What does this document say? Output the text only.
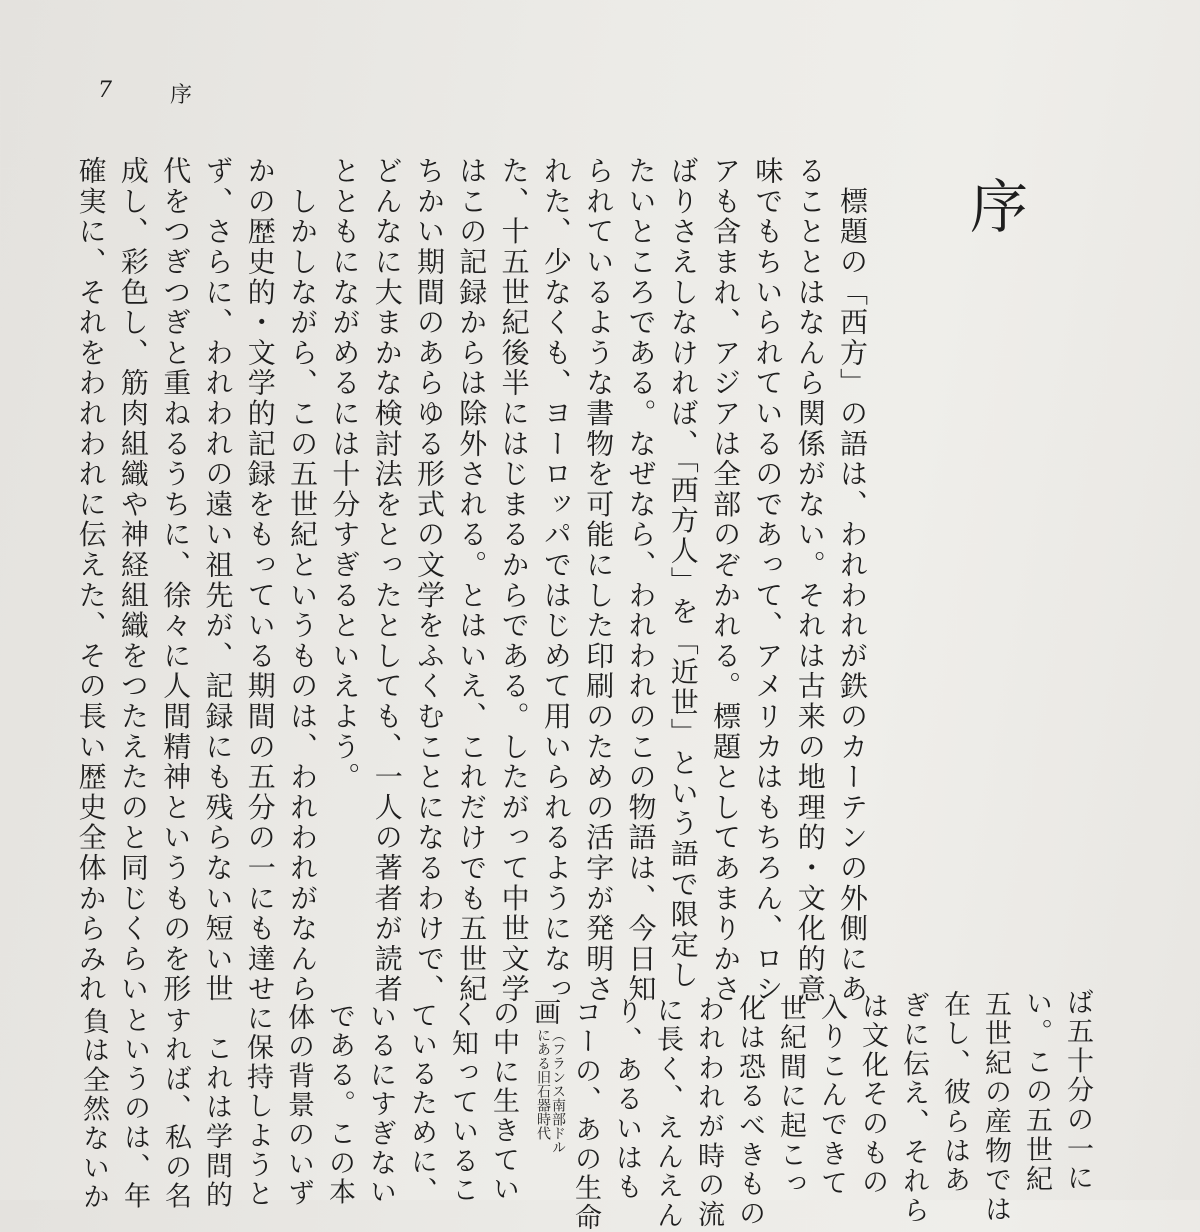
7	序
序
　標題の「西方」の語は、われわれが鉄のカーテンの外側にあ
ることとはなんら関係がない。それは古来の地理的・文化的意
味でもちいられているのであって、アメリカはもちろん、ロシ
アも含まれ、アジアは全部のぞかれる。標題としてあまりかさ
ばりさえしなければ、「西方人」を「近世」という語で限定し
たいところである。なぜなら、われわれのこの物語は、今日知
られているような書物を可能にした印刷のための活字が発明さ
れた、少なくも、ヨーロッパではじめて用いられるようになっ
た、十五世紀後半にはじまるからである。したがって中世文学
はこの記録からは除外される。とはいえ、これだけでも五世紀
ちかい期間のあらゆる形式の文学をふくむことになるわけで、
どんなに大まかな検討法をとったとしても、一人の著者が読者
とともにながめるには十分すぎるといえよう。
　しかしながら、この五世紀というものは、われわれがなんら
かの歴史的・文学的記録をもっている期間の五分の一にも達せ
ず、さらに、われわれの遠い祖先が、記録にも残らない短い世
代をつぎつぎと重ねるうちに、徐々に人間精神というものを形
成し、彩色し、筋肉組織や神経組織をつたえたのと同じくらい
確実に、それをわれわれに伝えた、その長い歴史全体からみれ
ば五十分の一に
い。この五世紀
五世紀の産物では
在し、彼らはあ
ぎに伝え、それら
は文化そのもの
入りこんできて
世紀間に起こっ
化は恐るべきもの
われわれが時の流
に長く、えんえん
り、あるいはも
コーの、あの生命
画
（フランス南部ドル
にある旧石器時代
の中に生きてい
く知っているこ
ているために、
いるにすぎない
である。この本
体の背景のいず
に保持しようと
　これは学問的
すれば、私の名
というのは、年
負は全然ないか
